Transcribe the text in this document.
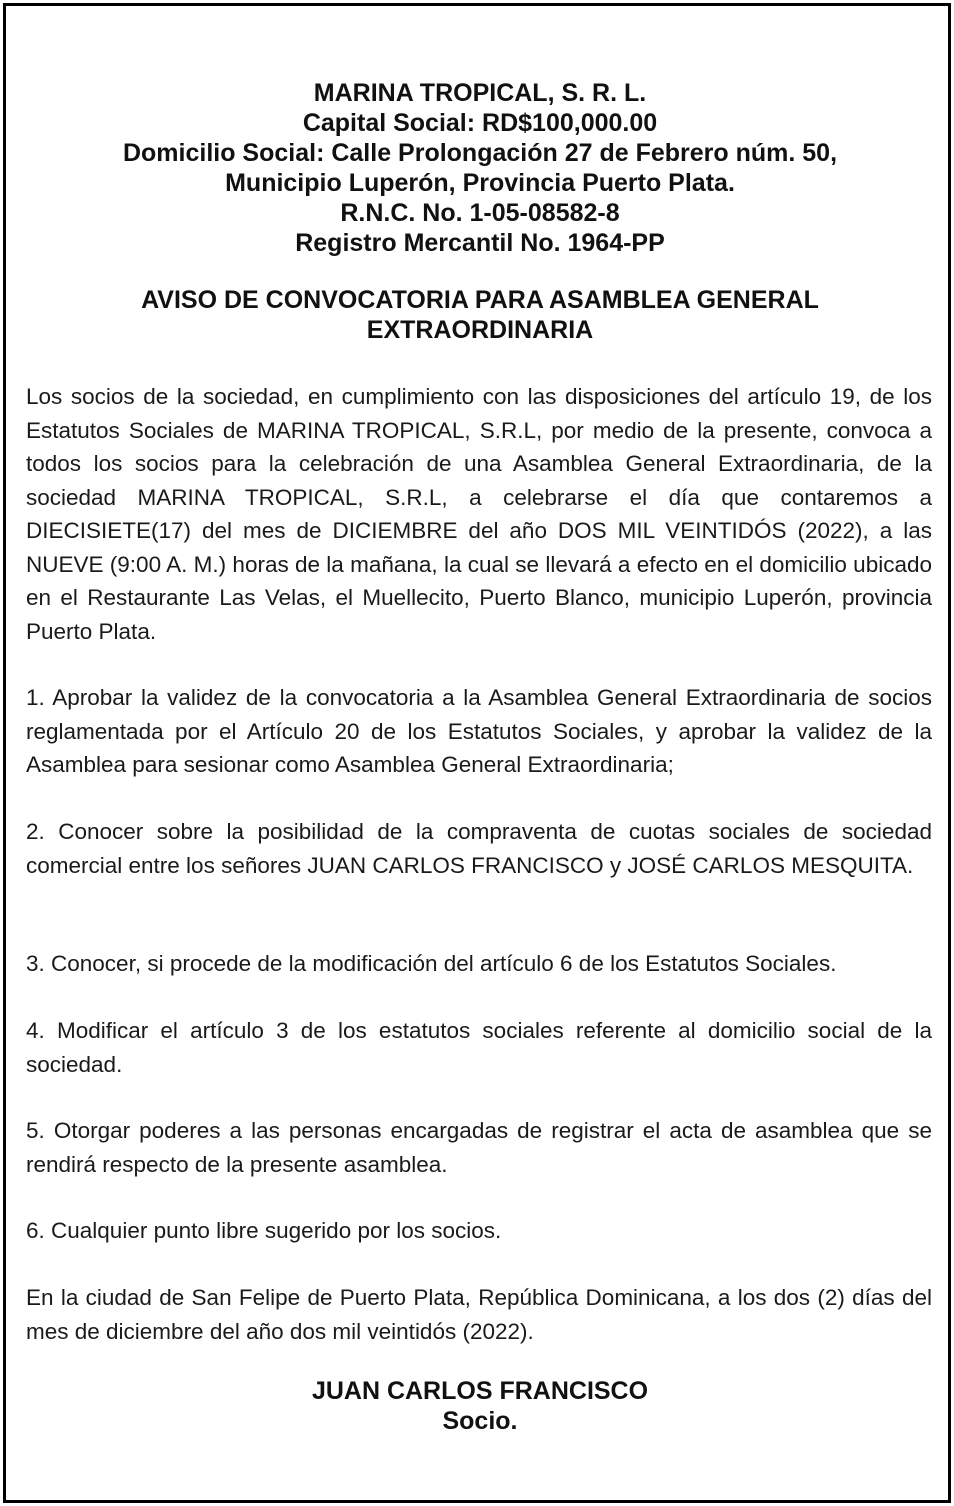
MARINA TROPICAL, S. R. L.
Capital Social: RD$100,000.00
Domicilio Social: Calle Prolongación 27 de Febrero núm. 50,
Municipio Luperón, Provincia Puerto Plata.
R.N.C. No. 1-05-08582-8
Registro Mercantil No. 1964-PP
AVISO DE CONVOCATORIA PARA ASAMBLEA GENERAL
EXTRAORDINARIA
Los socios de la sociedad, en cumplimiento con las disposiciones del artículo 19, de los Estatutos Sociales de MARINA TROPICAL, S.R.L, por medio de la presente, convoca a todos los socios para la celebración de una Asamblea General Extraordinaria, de la sociedad MARINA TROPICAL, S.R.L, a celebrarse el día que contaremos a DIECISIETE(17) del mes de DICIEMBRE del año DOS MIL VEINTIDÓS (2022), a las NUEVE (9:00 A. M.) horas de la mañana, la cual se llevará a efecto en el domicilio ubicado en el Restaurante Las Velas, el Muellecito, Puerto Blanco, municipio Luperón, provincia Puerto Plata.
1. Aprobar la validez de la convocatoria a la Asamblea General Extraordinaria de socios reglamentada por el Artículo 20 de los Estatutos Sociales, y aprobar la validez de la Asamblea para sesionar como Asamblea General Extraordinaria;
2. Conocer sobre la posibilidad de la compraventa de cuotas sociales de sociedad comercial entre los señores JUAN CARLOS FRANCISCO y JOSÉ CARLOS MESQUITA.
3. Conocer, si procede de la modificación del artículo 6 de los Estatutos Sociales.
4. Modificar el artículo 3 de los estatutos sociales referente al domicilio social de la sociedad.
5. Otorgar poderes a las personas encargadas de registrar el acta de asamblea que se rendirá respecto de la presente asamblea.
6. Cualquier punto libre sugerido por los socios.
En la ciudad de San Felipe de Puerto Plata, República Dominicana, a los dos (2) días del mes de diciembre del año dos mil veintidós (2022).
JUAN CARLOS FRANCISCO
Socio.
